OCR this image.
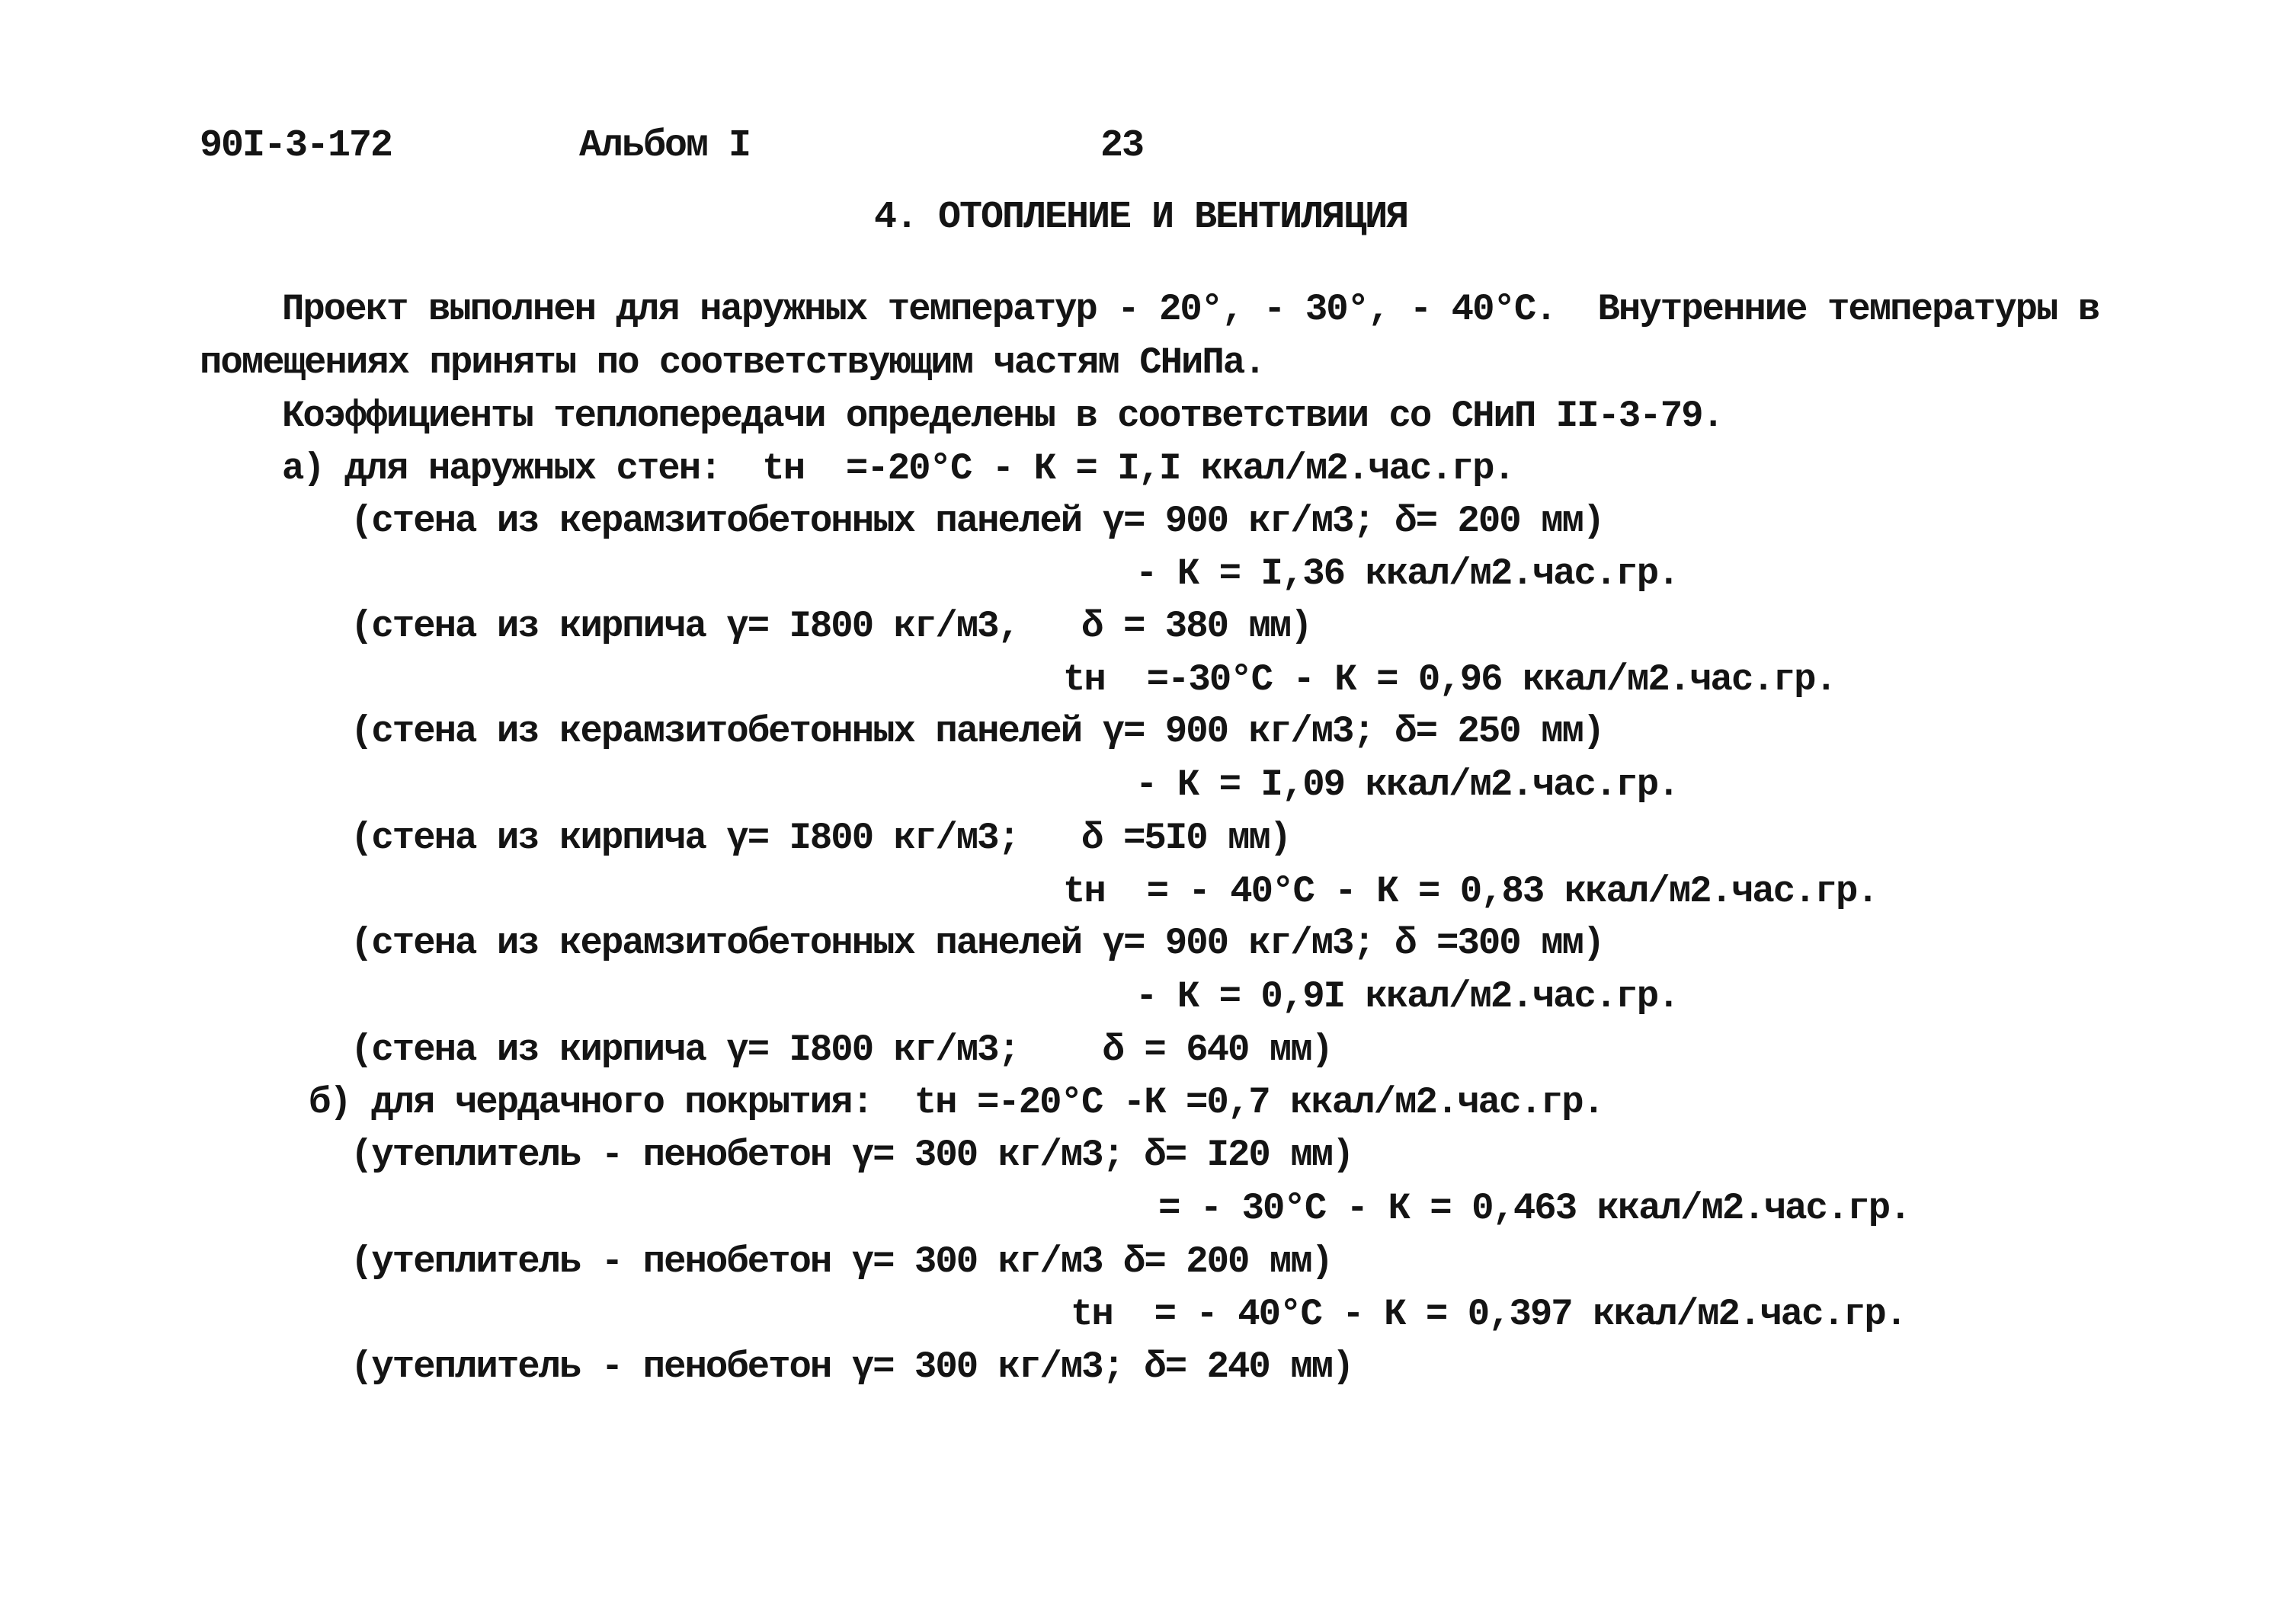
90I-3-172	Альбом I	23
4. ОТОПЛЕНИЕ И ВЕНТИЛЯЦИЯ
Проект выполнен для наружных температур - 20°, - 30°, - 40°С.  Внутренние температуры в
помещениях приняты по соответствующим частям СНиПа.
Коэффициенты теплопередачи определены в соответствии со СНиП II-3-79.
а) для наружных стен:  tн  =-20°С - К = I,I ккал/м2.час.гр.
(стена из керамзитобетонных панелей γ= 900 кг/м3; δ= 200 мм)
- К = I,36 ккал/м2.час.гр.
(стена из кирпича γ= I800 кг/м3,   δ = 380 мм)
tн  =-30°С - К = 0,96 ккал/м2.час.гр.
(стена из керамзитобетонных панелей γ= 900 кг/м3; δ= 250 мм)
- К = I,09 ккал/м2.час.гр.
(стена из кирпича γ= I800 кг/м3;   δ =5I0 мм)
tн  = - 40°С - К = 0,83 ккал/м2.час.гр.
(стена из керамзитобетонных панелей γ= 900 кг/м3; δ =300 мм)
- К = 0,9I ккал/м2.час.гр.
(стена из кирпича γ= I800 кг/м3;    δ = 640 мм)
б) для чердачного покрытия:  tн =-20°С -К =0,7 ккал/м2.час.гр.
(утеплитель - пенобетон γ= 300 кг/м3; δ= I20 мм)
= - 30°С - К = 0,463 ккал/м2.час.гр.
(утеплитель - пенобетон γ= 300 кг/м3 δ= 200 мм)
tн  = - 40°С - К = 0,397 ккал/м2.час.гр.
(утеплитель - пенобетон γ= 300 кг/м3; δ= 240 мм)
